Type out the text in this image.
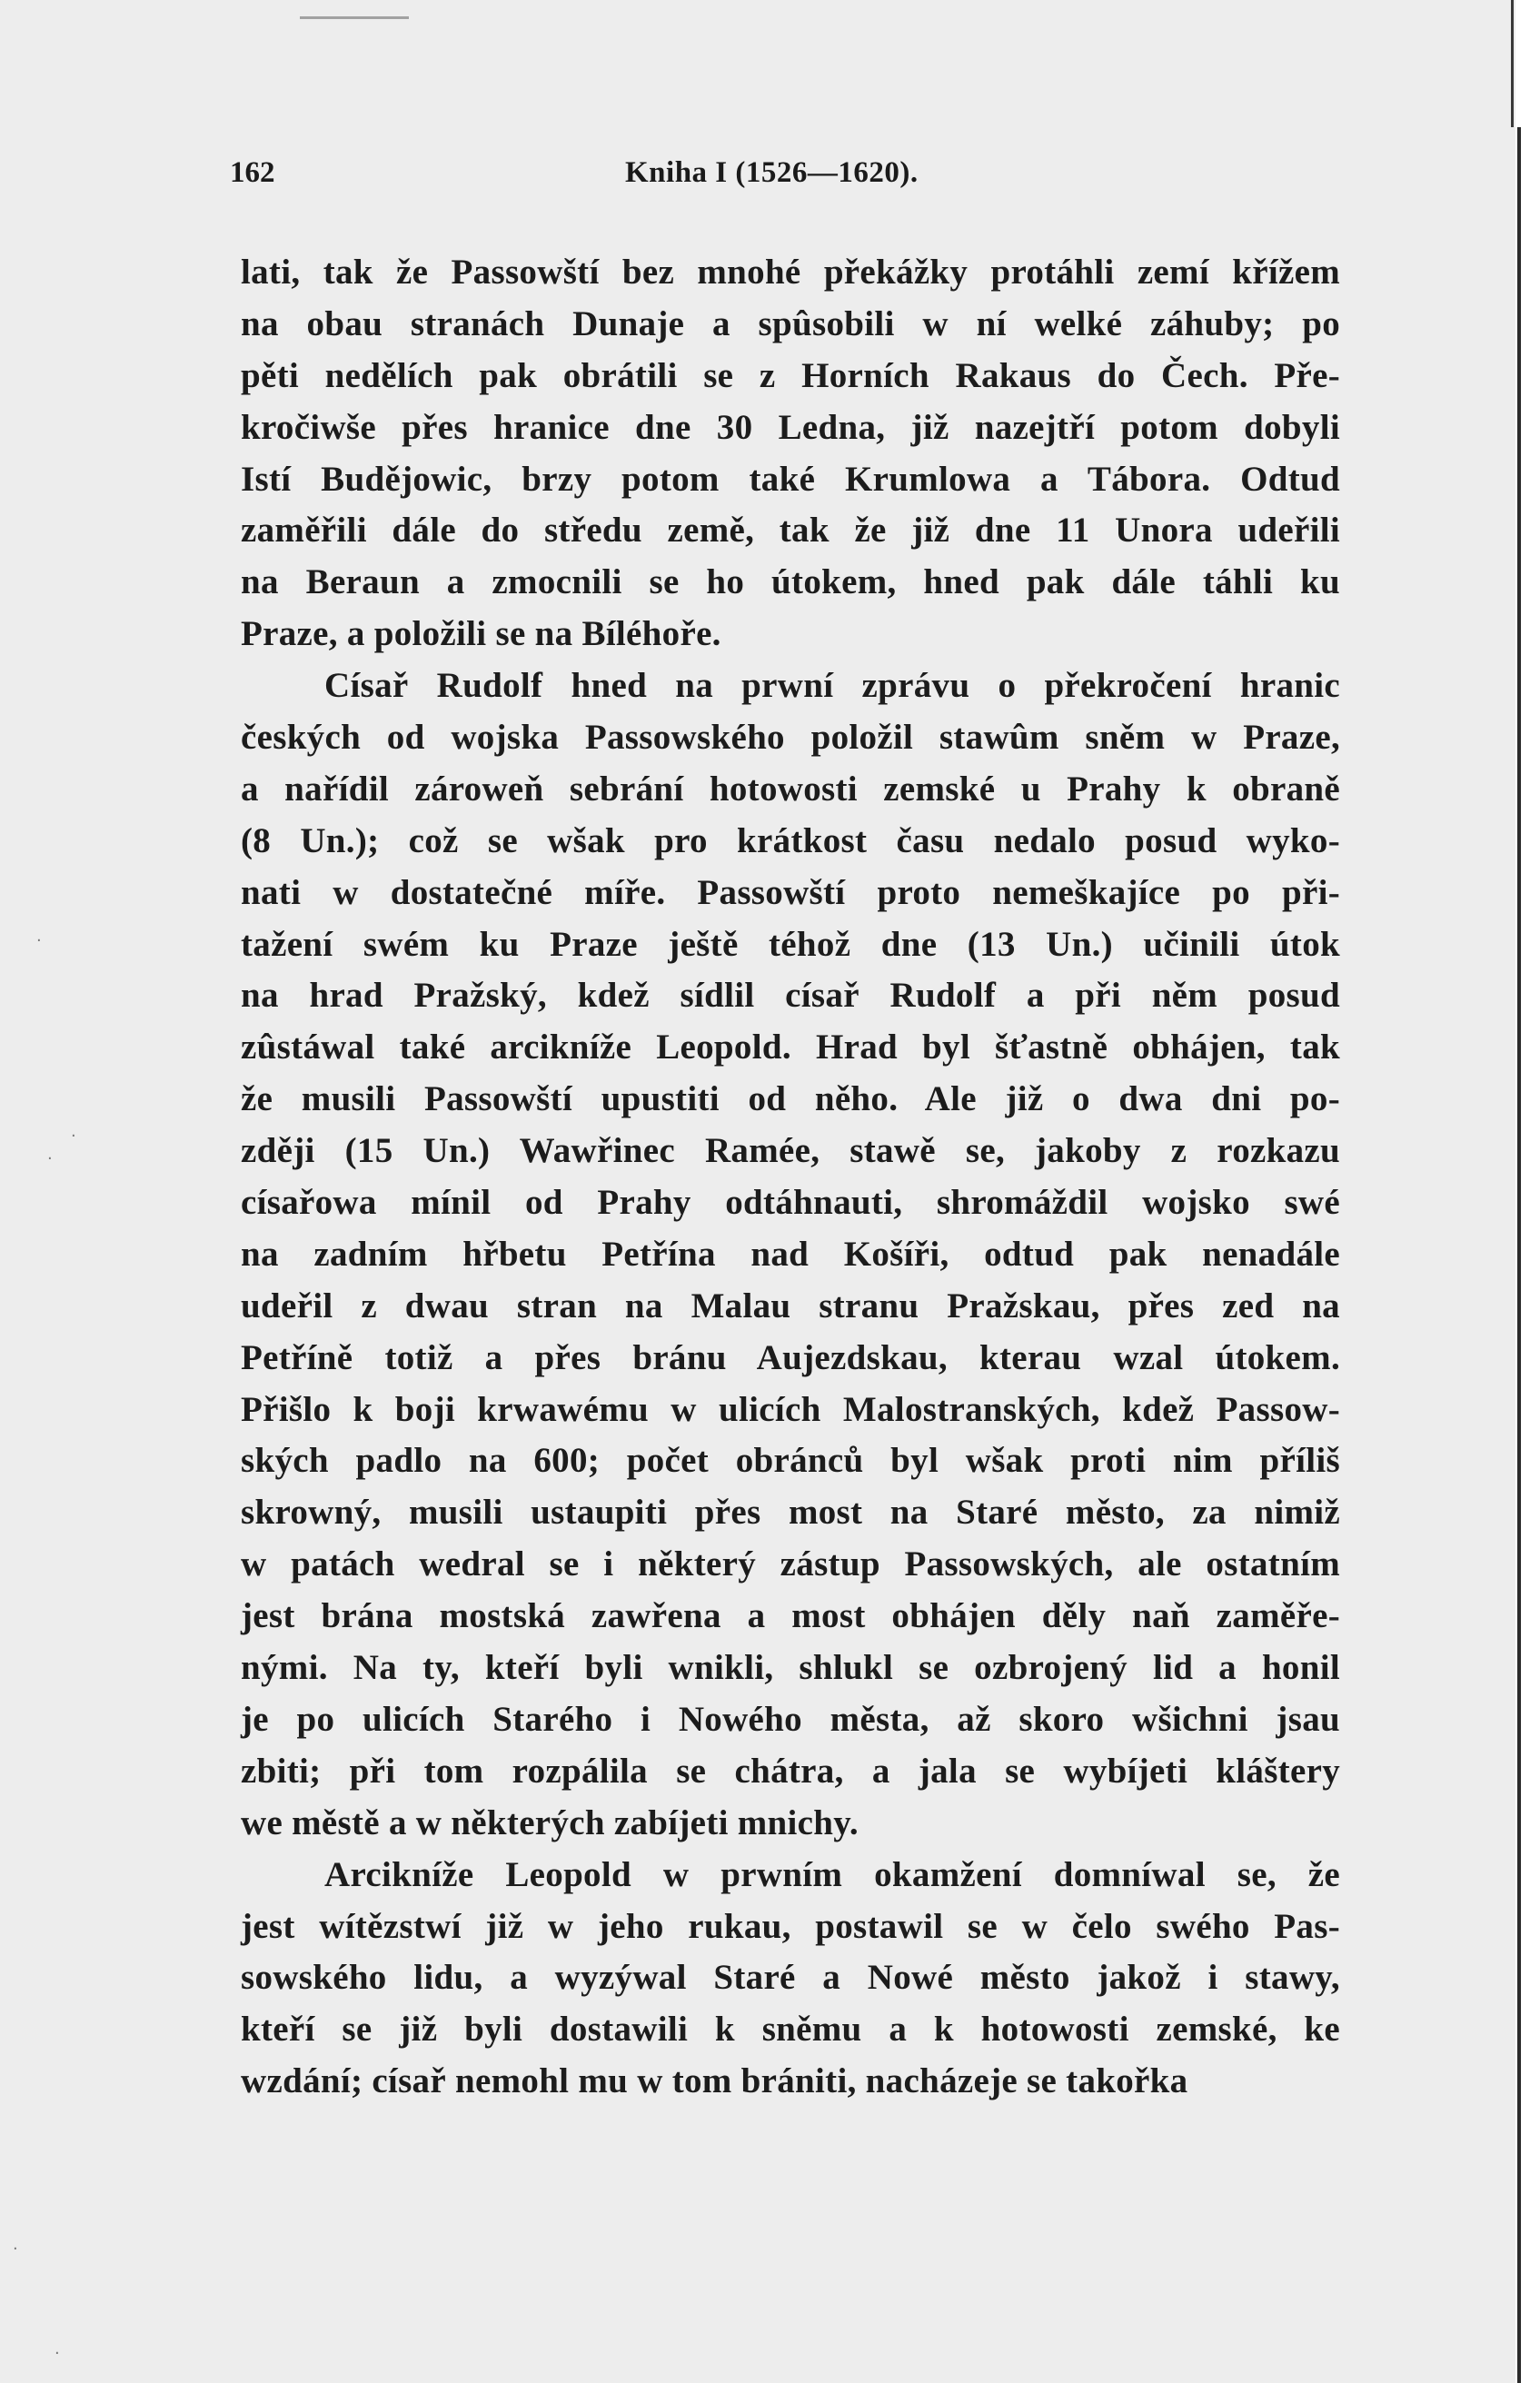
·
·
·
·
·
162	Kniha I (1526—1620).
lati, tak že Passowští bez mnohé překážky protáhli zemí křížem
na obau stranách Dunaje a spûsobili w ní welké záhuby; po
pěti nedělích pak obrátili se z Horních Rakaus do Čech. Pře-
kročiwše přes hranice dne 30 Ledna, již nazejtří potom dobyli
Istí Budějowic, brzy potom také Krumlowa a Tábora. Odtud
zaměřili dále do středu země, tak že již dne 11 Unora udeřili
na Beraun a zmocnili se ho útokem, hned pak dále táhli ku
Praze, a položili se na Bíléhoře.
Císař Rudolf hned na prwní zprávu o překročení hranic
českých od wojska Passowského položil stawûm sněm w Praze,
a nařídil zároweň sebrání hotowosti zemské u Prahy k obraně
(8 Un.); což se wšak pro krátkost času nedalo posud wyko-
nati w dostatečné míře. Passowští proto nemeškajíce po při-
tažení swém ku Praze ještě téhož dne (13 Un.) učinili útok
na hrad Pražský, kdež sídlil císař Rudolf a při něm posud
zûstáwal také arcikníže Leopold. Hrad byl šťastně obhájen, tak
že musili Passowští upustiti od něho. Ale již o dwa dni po-
zději (15 Un.) Wawřinec Ramée, stawě se, jakoby z rozkazu
císařowa mínil od Prahy odtáhnauti, shromáždil wojsko swé
na zadním hřbetu Petřína nad Košíři, odtud pak nenadále
udeřil z dwau stran na Malau stranu Pražskau, přes zed na
Petříně totiž a přes bránu Aujezdskau, kterau wzal útokem.
Přišlo k boji krwawému w ulicích Malostranských, kdež Passow-
ských padlo na 600; počet obránců byl wšak proti nim příliš
skrowný, musili ustaupiti přes most na Staré město, za nimiž
w patách wedral se i některý zástup Passowských, ale ostatním
jest brána mostská zawřena a most obhájen děly naň zaměře-
nými. Na ty, kteří byli wnikli, shlukl se ozbrojený lid a honil
je po ulicích Starého i Nowého města, až skoro wšichni jsau
zbiti; při tom rozpálila se chátra, a jala se wybíjeti kláštery
we městě a w některých zabíjeti mnichy.
Arcikníže Leopold w prwním okamžení domníwal se, že
jest wítězstwí již w jeho rukau, postawil se w čelo swého Pas-
sowského lidu, a wyzýwal Staré a Nowé město jakož i stawy,
kteří se již byli dostawili k sněmu a k hotowosti zemské, ke
wzdání; císař nemohl mu w tom brániti, nacházeje se takořka
